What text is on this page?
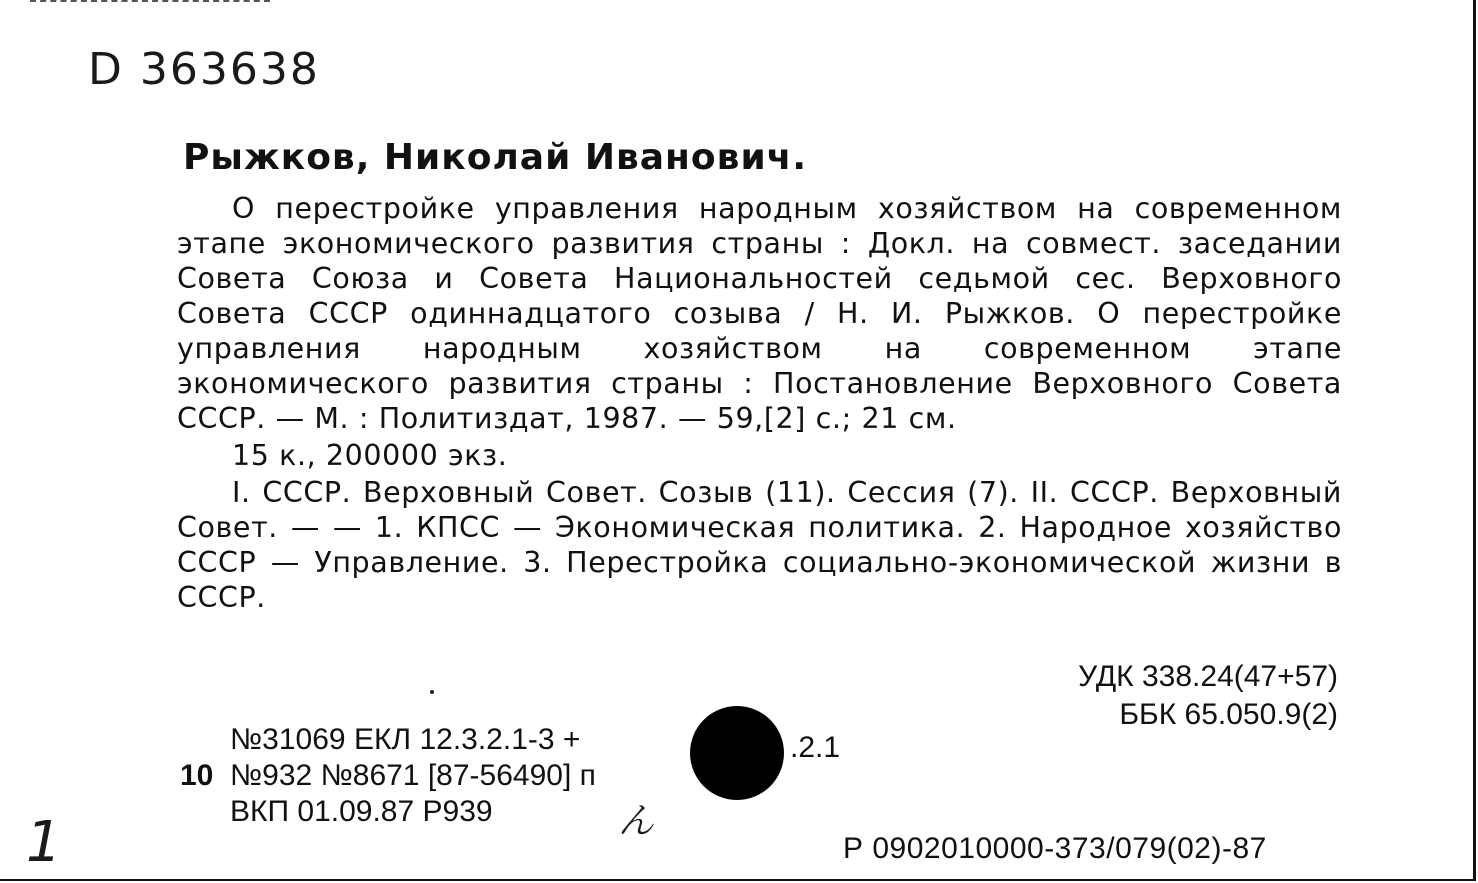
D 363638
Рыжков, Николай Иванович.

О перестройке управления народным хозяйством на современном этапе экономического развития страны : Докл. на совмест. заседании Совета Союза и Совета Национальностей седьмой сес. Верховного Совета СССР одиннадцатого созыва / Н. И. Рыжков. О перестройке управления народным хозяйством на современном этапе экономического развития страны : Постановление Верховного Совета СССР. — М. : Политиздат, 1987. — 59,[2] с.; 21 см.

15 к., 200000 экз.

I. СССР. Верховный Совет. Созыв (11). Сессия (7). II. СССР. Верховный Совет. — — 1. КПСС — Экономическая политика. 2. Народное хозяйство СССР — Управление. 3. Перестройка социально-экономической жизни в СССР.

УДК 338.24(47+57)
ББК 65.050.9(2)
№31069 ЕКЛ 12.3.2.1-3 +
10 №932 №8671 [87-56490] п
ВКП 01.09.87 Р939
.2.1
ん
1	Р 0902010000-373/079(02)-87
